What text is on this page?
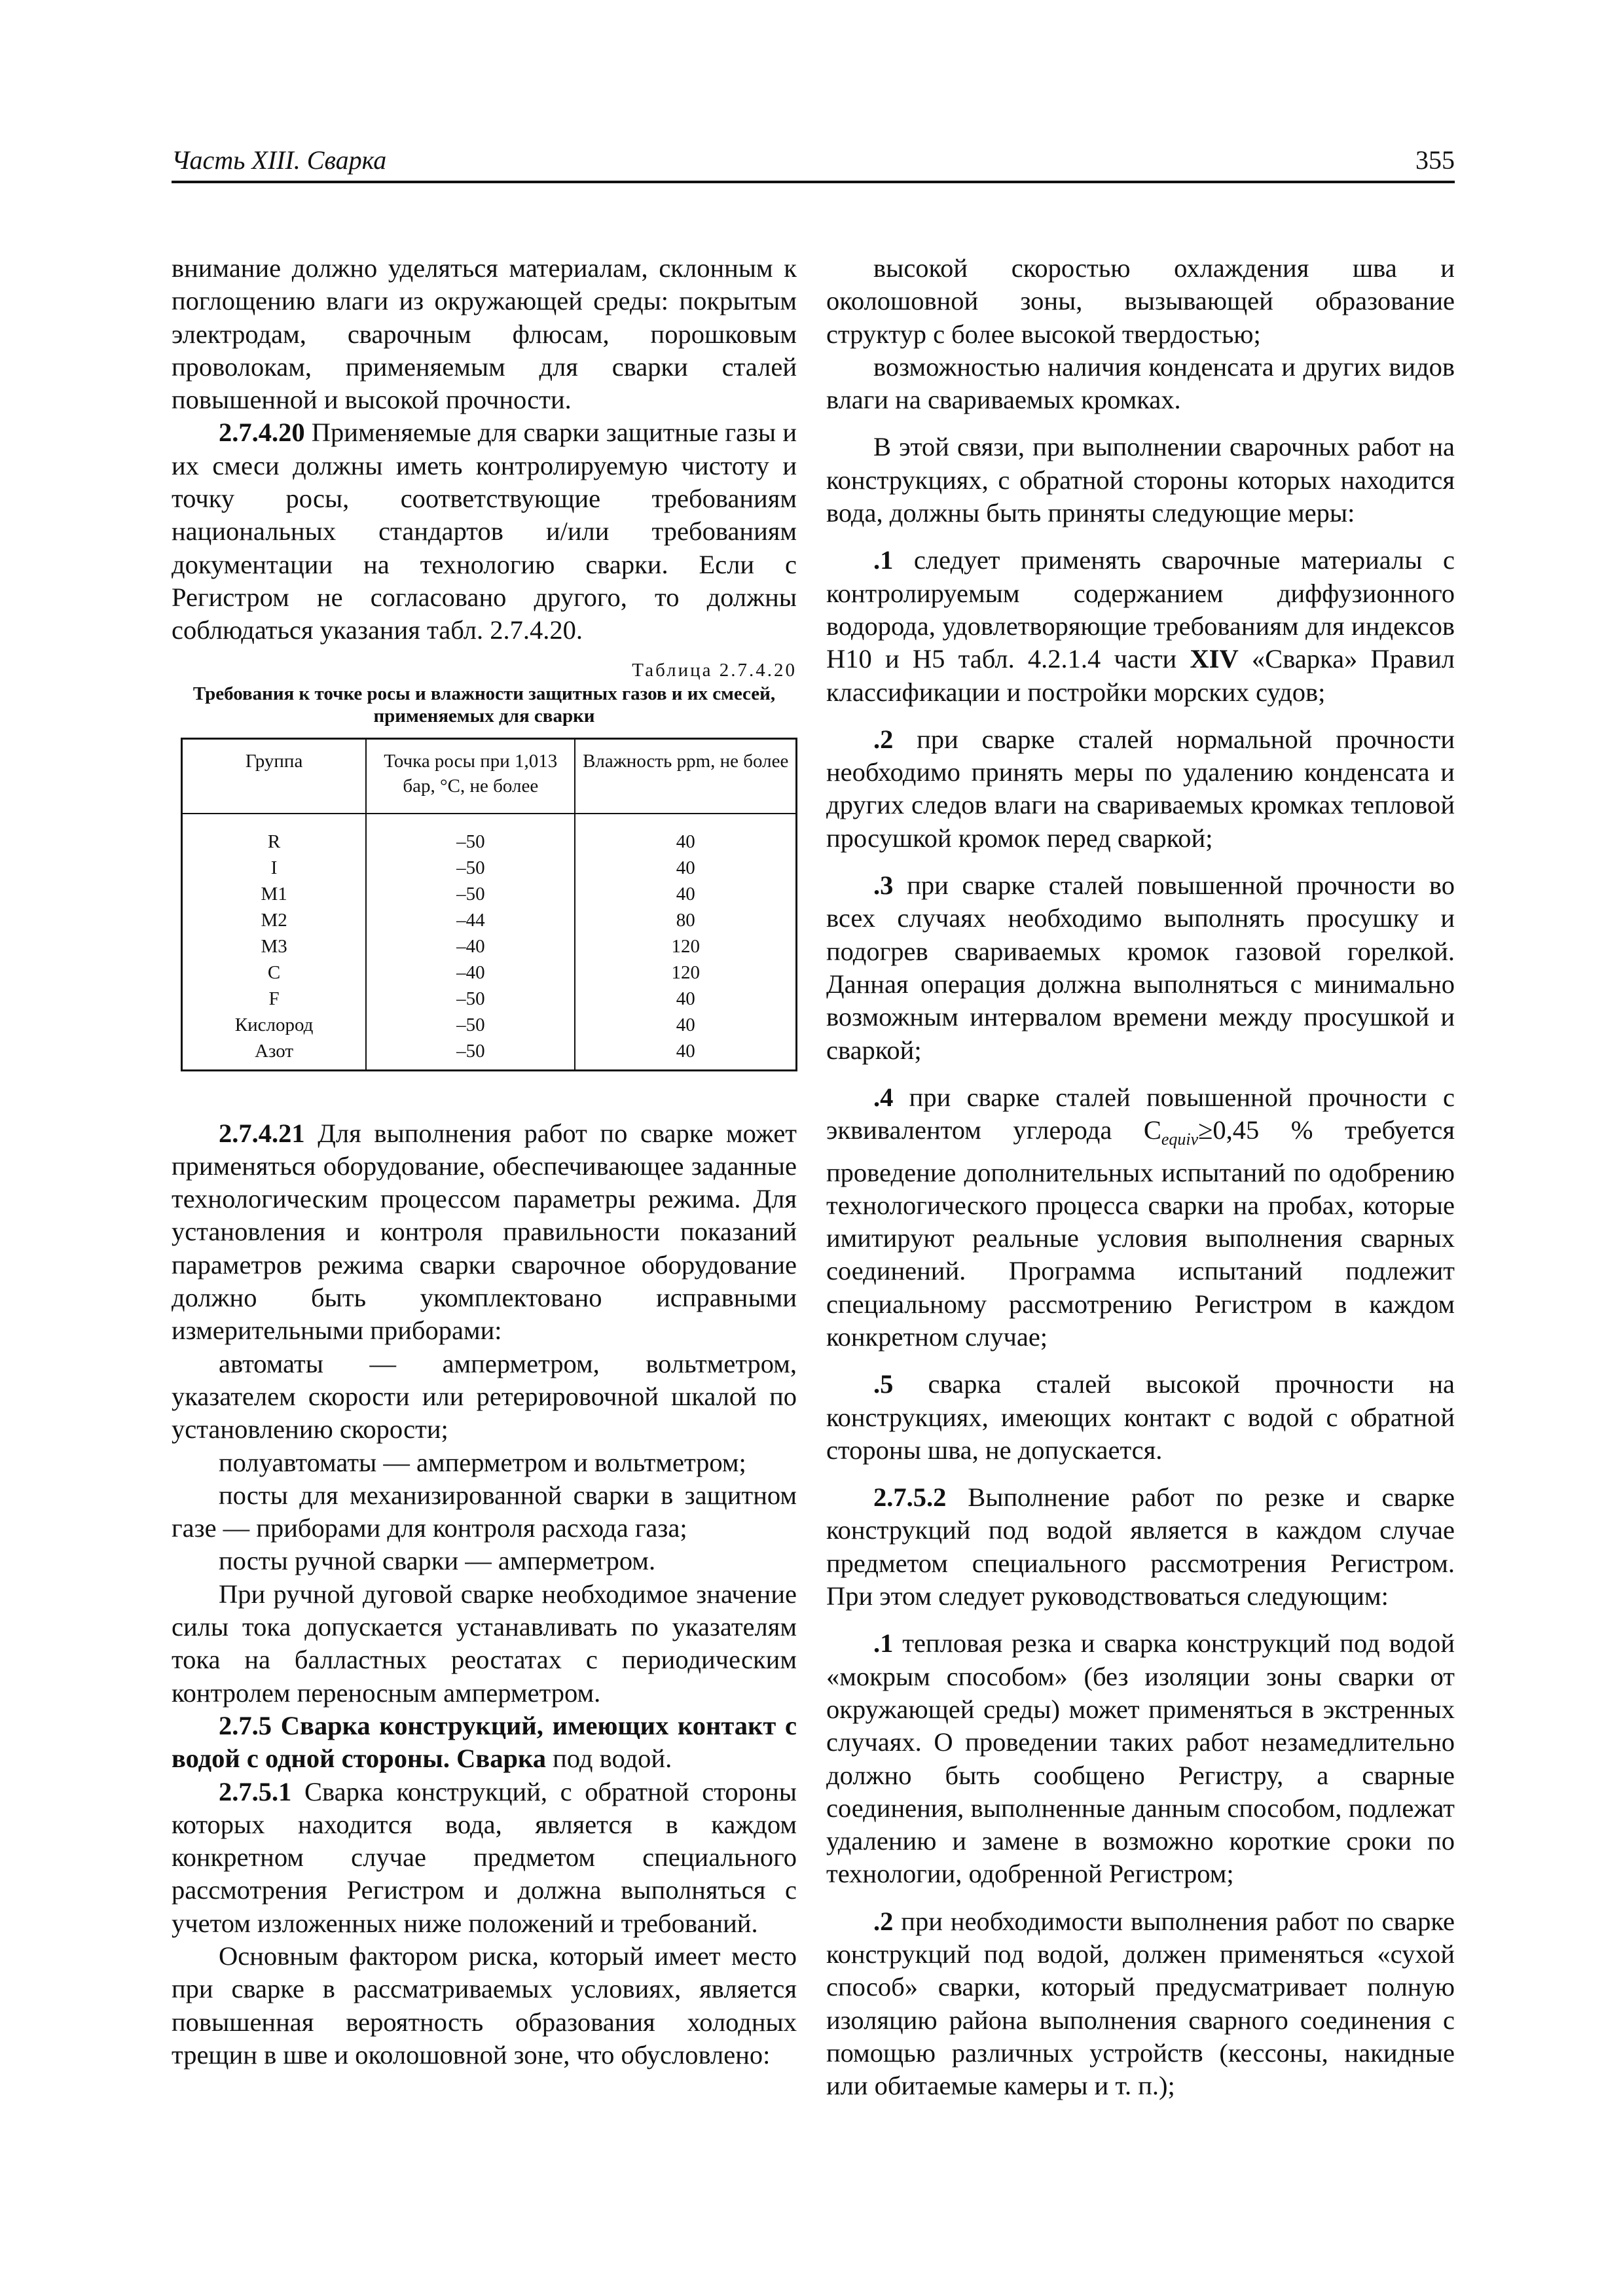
Часть XIII. Сварка	355

внимание должно уделяться материалам, склонным к поглощению влаги из окружающей среды: покрытым электродам, сварочным флюсам, порошковым проволокам, применяемым для сварки сталей повышенной и высокой прочности.

2.7.4.20 Применяемые для сварки защитные газы и их смеси должны иметь контролируемую чистоту и точку росы, соответствующие требованиям национальных стандартов и/или требованиям документации на технологию сварки. Если с Регистром не согласовано другого, то должны соблюдаться указания табл. 2.7.4.20.

Таблица 2.7.4.20
Требования к точке росы и влажности защитных газов и их смесей, применяемых для сварки
Группа	Точка росы при 1,013 бар, °С, не более	Влажность ppm, не более
R	–50	40
I	–50	40
M1	–50	40
M2	–44	80
M3	–40	120
C	–40	120
F	–50	40
Кислород	–50	40
Азот	–50	40

2.7.4.21 Для выполнения работ по сварке может применяться оборудование, обеспечивающее заданные технологическим процессом параметры режима. Для установления и контроля правильности показаний параметров режима сварки сварочное оборудование должно быть укомплектовано исправными измерительными приборами:

автоматы — амперметром, вольтметром, указателем скорости или ретерировочной шкалой по установлению скорости;

полуавтоматы — амперметром и вольтметром;

посты для механизированной сварки в защитном газе — приборами для контроля расхода газа;

посты ручной сварки — амперметром.

При ручной дуговой сварке необходимое значение силы тока допускается устанавливать по указателям тока на балластных реостатах с периодическим контролем переносным амперметром.

2.7.5 Сварка конструкций, имеющих контакт с водой с одной стороны. Сварка под водой.

2.7.5.1 Сварка конструкций, с обратной стороны которых находится вода, является в каждом конкретном случае предметом специального рассмотрения Регистром и должна выполняться с учетом изложенных ниже положений и требований.

Основным фактором риска, который имеет место при сварке в рассматриваемых условиях, является повышенная вероятность образования холодных трещин в шве и околошовной зоне, что обусловлено:

высокой скоростью охлаждения шва и околошовной зоны, вызывающей образование структур с более высокой твердостью;

возможностью наличия конденсата и других видов влаги на свариваемых кромках.

В этой связи, при выполнении сварочных работ на конструкциях, с обратной стороны которых находится вода, должны быть приняты следующие меры:

.1 следует применять сварочные материалы с контролируемым содержанием диффузионного водорода, удовлетворяющие требованиям для индексов H10 и H5 табл. 4.2.1.4 части XIV «Сварка» Правил классификации и постройки морских судов;

.2 при сварке сталей нормальной прочности необходимо принять меры по удалению конденсата и других следов влаги на свариваемых кромках тепловой просушкой кромок перед сваркой;

.3 при сварке сталей повышенной прочности во всех случаях необходимо выполнять просушку и подогрев свариваемых кромок газовой горелкой. Данная операция должна выполняться с минимально возможным интервалом времени между просушкой и сваркой;

.4 при сварке сталей повышенной прочности с эквивалентом углерода $C_{equiv}\ge 0,45$ % требуется проведение дополнительных испытаний по одобрению технологического процесса сварки на пробах, которые имитируют реальные условия выполнения сварных соединений. Программа испытаний подлежит специальному рассмотрению Регистром в каждом конкретном случае;

.5 сварка сталей высокой прочности на конструкциях, имеющих контакт с водой с обратной стороны шва, не допускается.

2.7.5.2 Выполнение работ по резке и сварке конструкций под водой является в каждом случае предметом специального рассмотрения Регистром. При этом следует руководствоваться следующим:

.1 тепловая резка и сварка конструкций под водой «мокрым способом» (без изоляции зоны сварки от окружающей среды) может применяться в экстренных случаях. О проведении таких работ незамедлительно должно быть сообщено Регистру, а сварные соединения, выполненные данным способом, подлежат удалению и замене в возможно короткие сроки по технологии, одобренной Регистром;

.2 при необходимости выполнения работ по сварке конструкций под водой, должен применяться «сухой способ» сварки, который предусматривает полную изоляцию района выполнения сварного соединения с помощью различных устройств (кессоны, накидные или обитаемые камеры и т. п.);
